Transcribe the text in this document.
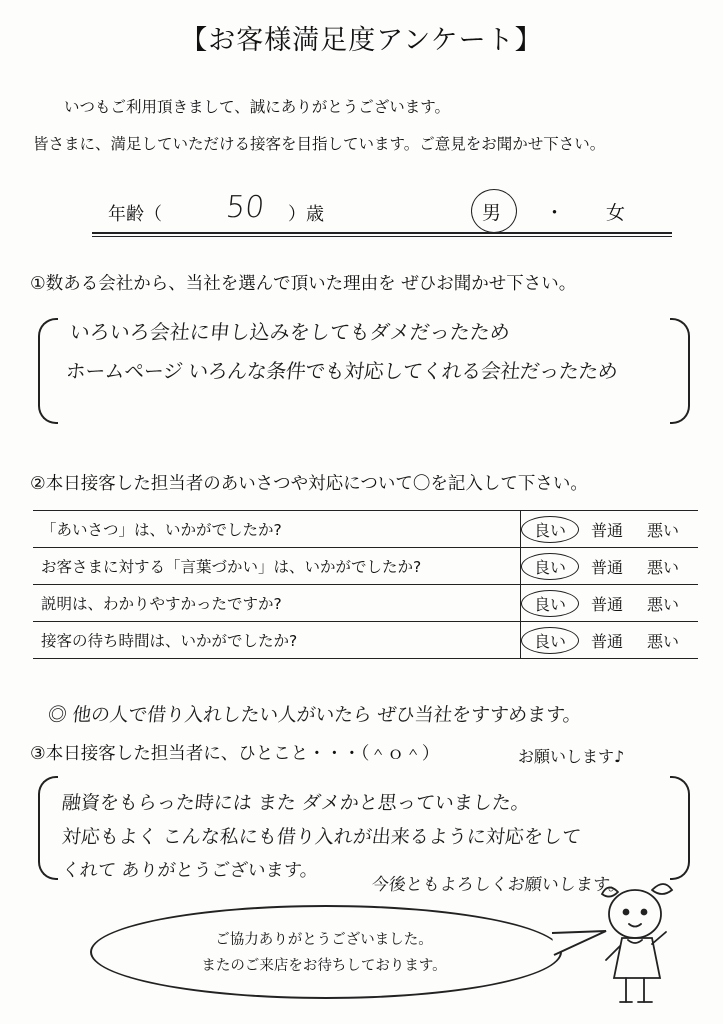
【お客様満足度アンケート】
いつもご利用頂きまして、誠にありがとうございます。
皆さまに、満足していただける接客を目指しています。ご意見をお聞かせ下さい。
年齢（ 50 ）歳	男 ・ 女
①数ある会社から、当社を選んで頂いた理由を ぜひお聞かせ下さい。
いろいろ会社に申し込みをしてもダメだったため
ホームページ いろんな条件でも対応してくれる会社だったため
②本日接客した担当者のあいさつや対応について〇を記入して下さい。
「あいさつ」は、いかがでしたか?	良い 普通 悪い
お客さまに対する「言葉づかい」は、いかがでしたか?	良い 普通 悪い
説明は、わかりやすかったですか?	良い 普通 悪い
接客の待ち時間は、いかがでしたか?	良い 普通 悪い
◎ 他の人で借り入れしたい人がいたら ぜひ当社をすすめます。
③本日接客した担当者に、ひとこと・・・（＾ｏ＾）	お願いします♪
融資をもらった時には また ダメかと思っていました。
対応もよく こんな私にも借り入れが出来るように対応をして
くれて ありがとうございます。
今後ともよろしくお願いします。
ご協力ありがとうございました。
またのご来店をお待ちしております。
